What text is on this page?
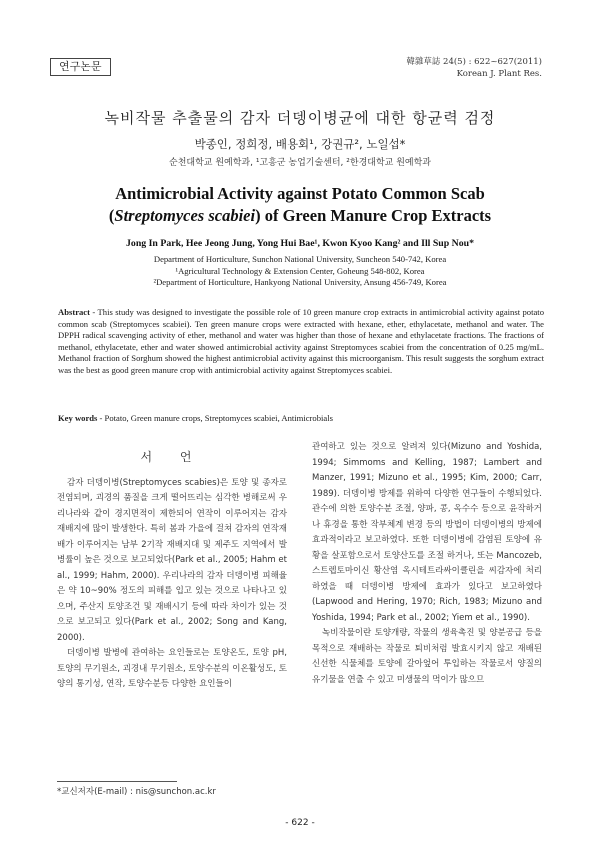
연구논문	韓雜草誌 24(5) : 622~627(2011)
Korean J. Plant Res.
녹비작물 추출물의 감자 더뎅이병균에 대한 항균력 검정
박종인, 정희정, 배용회¹, 강권규², 노일섭*
순천대학교 원예학과, ¹고흥군 농업기술센터, ²한경대학교 원예학과
Antimicrobial Activity against Potato Common Scab
(Streptomyces scabiei) of Green Manure Crop Extracts
Jong In Park, Hee Jeong Jung, Yong Hui Bae¹, Kwon Kyoo Kang² and Ill Sup Nou*
Department of Horticulture, Sunchon National University, Suncheon 540-742, Korea
¹Agricultural Technology & Extension Center, Goheung 548-802, Korea
²Department of Horticulture, Hankyong National University, Ansung 456-749, Korea
Abstract - This study was designed to investigate the possible role of 10 green manure crop extracts in antimicrobial activity against potato common scab (Streptomyces scabiei). Ten green manure crops were extracted with hexane, ether, ethylacetate, methanol and water. The DPPH radical scavenging activity of ether, methanol and water was higher than those of hexane and ethylacetate fractions. The fractions of methanol, ethylacetate, ether and water showed antimicrobial activity against Streptomyces scabiei from the concentration of 0.25 mg/mL. Methanol fraction of Sorghum showed the highest antimicrobial activity against this microorganism. This result suggests the sorghum extract was the best as good green manure crop with antimicrobial activity against Streptomyces scabiei.
Key words - Potato, Green manure crops, Streptomyces scabiei, Antimicrobials
서 언

감자 더뎅이병(Streptomyces scabies)은 토양 및 종자로 전염되며, 괴경의 품질을 크게 떨어뜨리는 심각한 병해로써 우리나라와 같이 경지면적이 제한되어 연작이 이루어지는 감자 재배지에 많이 발생한다. 특히 봄과 가을에 걸쳐 감자의 연작재배가 이루어지는 남부 2기작 재배지대 및 제주도 지역에서 발병률이 높은 것으로 보고되었다(Park et al., 2005; Hahm et al., 1999; Hahm, 2000). 우리나라의 감자 더뎅이병 피해율은 약 10~90% 정도의 피해를 입고 있는 것으로 나타나고 있으며, 주산지 토양조건 및 재배시기 등에 따라 차이가 있는 것으로 보고되고 있다(Park et al., 2002; Song and Kang, 2000).

더뎅이병 발병에 관여하는 요인들로는 토양온도, 토양 pH, 토양의 무기원소, 괴경내 무기원소, 토양수분의 이온활성도, 토양의 통기성, 연작, 토양수분등 다양한 요인들이

관여하고 있는 것으로 알려져 있다(Mizuno and Yoshida, 1994; Simmoms and Kelling, 1987; Lambert and Manzer, 1991; Mizuno et al., 1995; Kim, 2000; Carr, 1989). 더뎅이병 방제를 위하여 다양한 연구들이 수행되었다. 관수에 의한 토양수분 조절, 양파, 콩, 옥수수 등으로 윤작하거나 휴경을 통한 작부체계 변경 등의 방법이 더뎅이병의 방제에 효과적이라고 보고하였다. 또한 더뎅이병에 감염된 토양에 유황을 살포함으로서 토양산도를 조절 하거나, 또는 Mancozeb, 스트렙토마이신 황산염 옥시테트라싸이클린을 씨감자에 처리하였을 때 더뎅이병 방제에 효과가 있다고 보고하였다(Lapwood and Hering, 1970; Rich, 1983; Mizuno and Yoshida, 1994; Park et al., 2002; Yiem et al., 1990).

녹비작물이란 토양개량, 작물의 생육촉진 및 양분공급 등을 목적으로 재배하는 작물로 퇴비처럼 발효시키지 않고 재배된 신선한 식물체를 토양에 갈아엎어 투입하는 작물로서 양질의 유기물을 연출 수 있고 미생물의 먹이가 많으므

*교신저자(E-mail) : nis@sunchon.ac.kr
- 622 -
